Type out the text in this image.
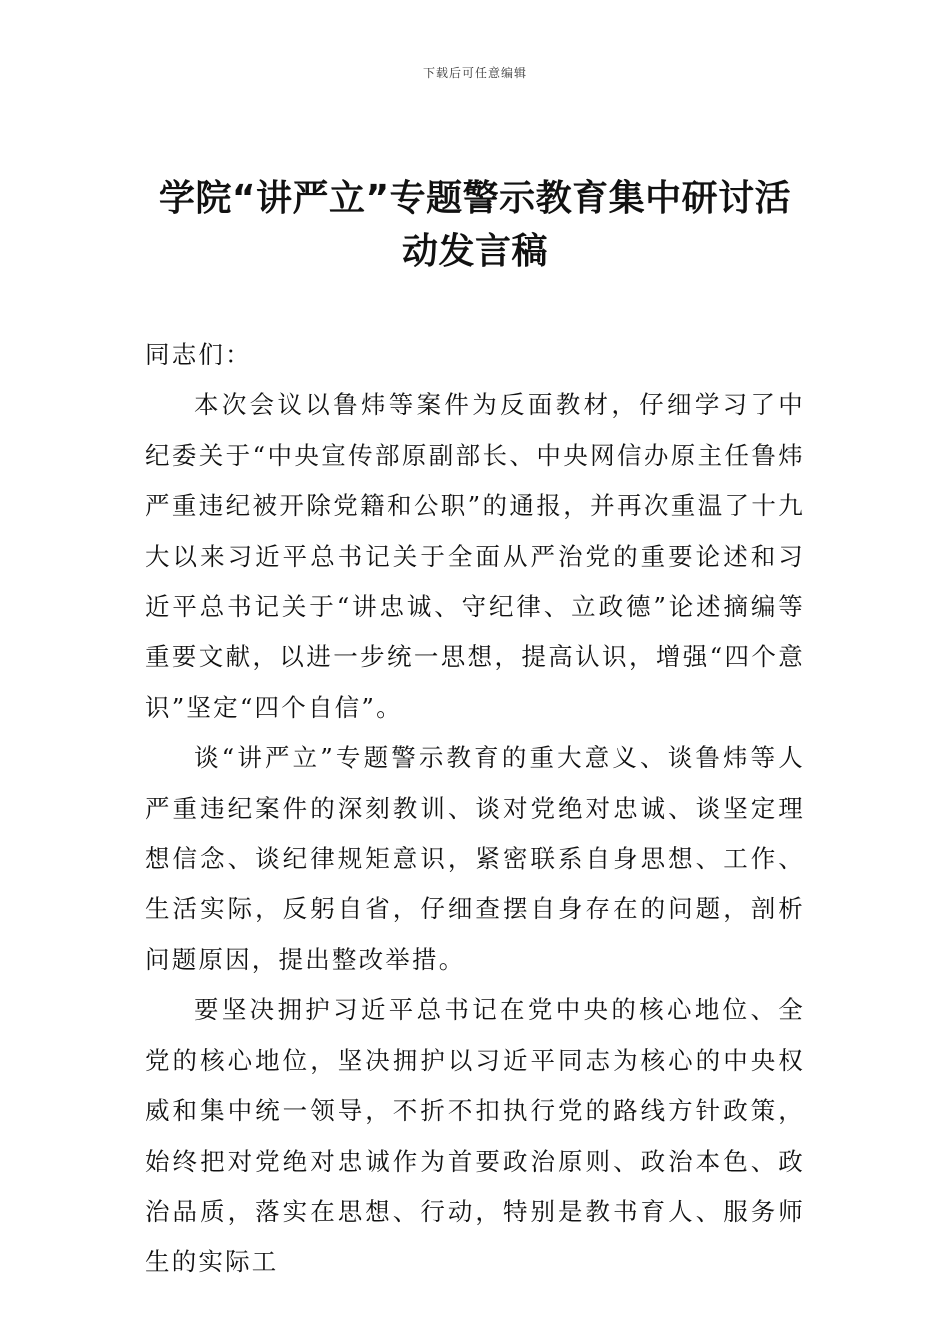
下载后可任意编辑
学院“讲严立”专题警示教育集中研讨活动发言稿

同志们：

本次会议以鲁炜等案件为反面教材，仔细学习了中纪委关于“中央宣传部原副部长、中央网信办原主任鲁炜严重违纪被开除党籍和公职”的通报，并再次重温了十九大以来习近平总书记关于全面从严治党的重要论述和习近平总书记关于“讲忠诚、守纪律、立政德”论述摘编等重要文献，以进一步统一思想，提高认识，增强“四个意识”坚定“四个自信”。

谈“讲严立”专题警示教育的重大意义、谈鲁炜等人严重违纪案件的深刻教训、谈对党绝对忠诚、谈坚定理想信念、谈纪律规矩意识，紧密联系自身思想、工作、生活实际，反躬自省，仔细查摆自身存在的问题，剖析问题原因，提出整改举措。

要坚决拥护习近平总书记在党中央的核心地位、全党的核心地位，坚决拥护以习近平同志为核心的中央权威和集中统一领导，不折不扣执行党的路线方针政策，始终把对党绝对忠诚作为首要政治原则、政治本色、政治品质，落实在思想、行动，特别是教书育人、服务师生的实际工
